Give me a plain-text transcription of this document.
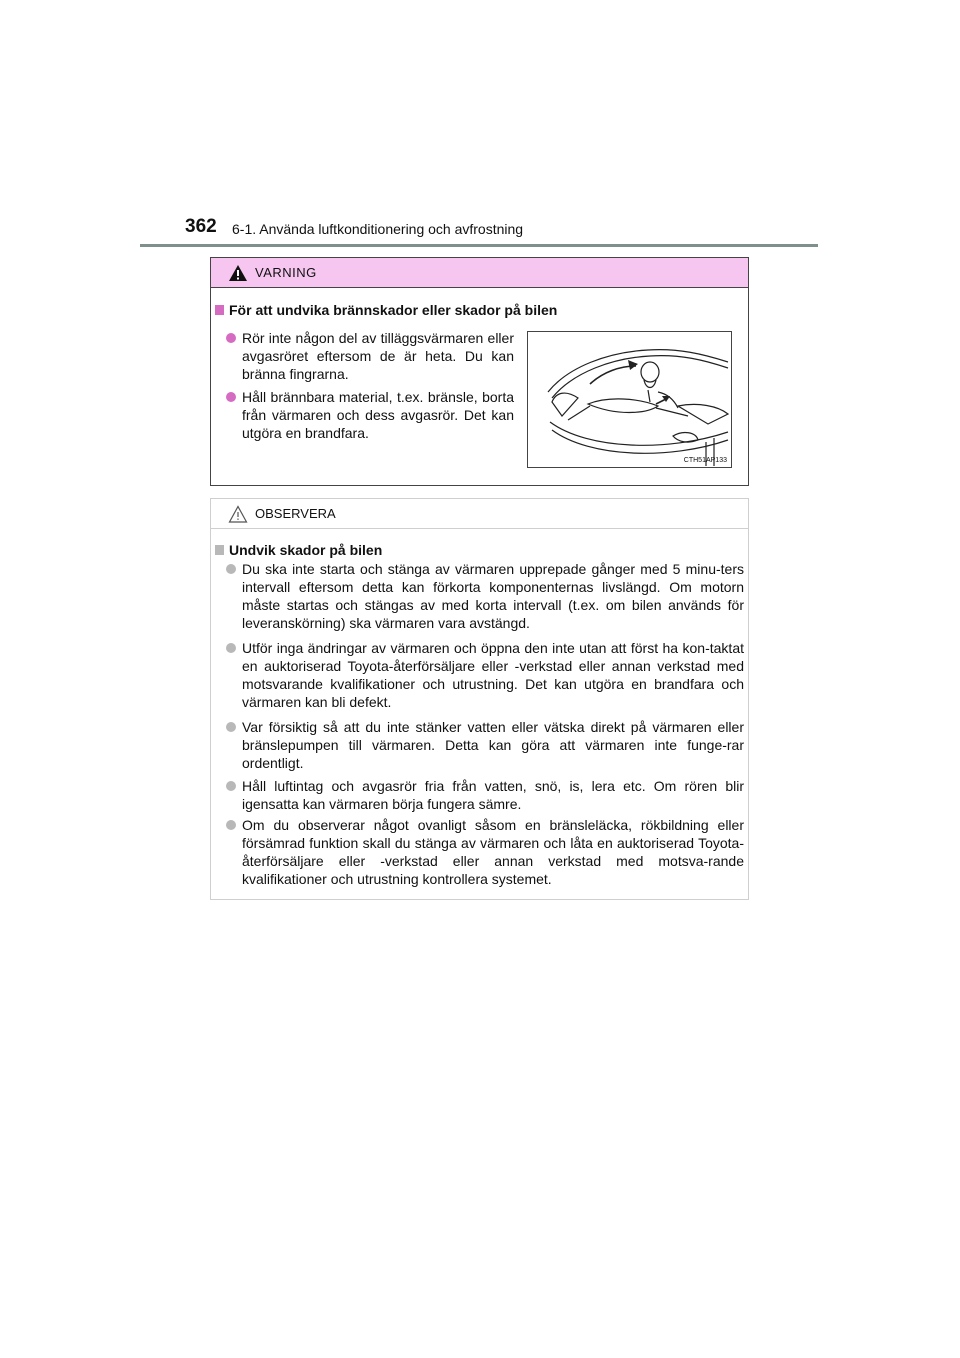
362 6-1. Använda luftkonditionering och avfrostning
VARNING
För att undvika brännskador eller skador på bilen
Rör inte någon del av tilläggsvärmaren eller avgasröret eftersom de är heta. Du kan bränna fingrarna.
Håll brännbara material, t.ex. bränsle, borta från värmaren och dess avgasrör. Det kan utgöra en brandfara.
CTH51AP133
OBSERVERA
Undvik skador på bilen
Du ska inte starta och stänga av värmaren upprepade gånger med 5 minu-ters intervall eftersom detta kan förkorta komponenternas livslängd. Om motorn måste startas och stängas av med korta intervall (t.ex. om bilen används för leveranskörning) ska värmaren vara avstängd.
Utför inga ändringar av värmaren och öppna den inte utan att först ha kon-taktat en auktoriserad Toyota-återförsäljare eller -verkstad eller annan verkstad med motsvarande kvalifikationer och utrustning. Det kan utgöra en brandfara och värmaren kan bli defekt.
Var försiktig så att du inte stänker vatten eller vätska direkt på värmaren eller bränslepumpen till värmaren. Detta kan göra att värmaren inte funge-rar ordentligt.
Håll luftintag och avgasrör fria från vatten, snö, is, lera etc. Om rören blir igensatta kan värmaren börja fungera sämre.
Om du observerar något ovanligt såsom en bränsleläcka, rökbildning eller försämrad funktion skall du stänga av värmaren och låta en auktoriserad Toyota-återförsäljare eller -verkstad eller annan verkstad med motsva-rande kvalifikationer och utrustning kontrollera systemet.
